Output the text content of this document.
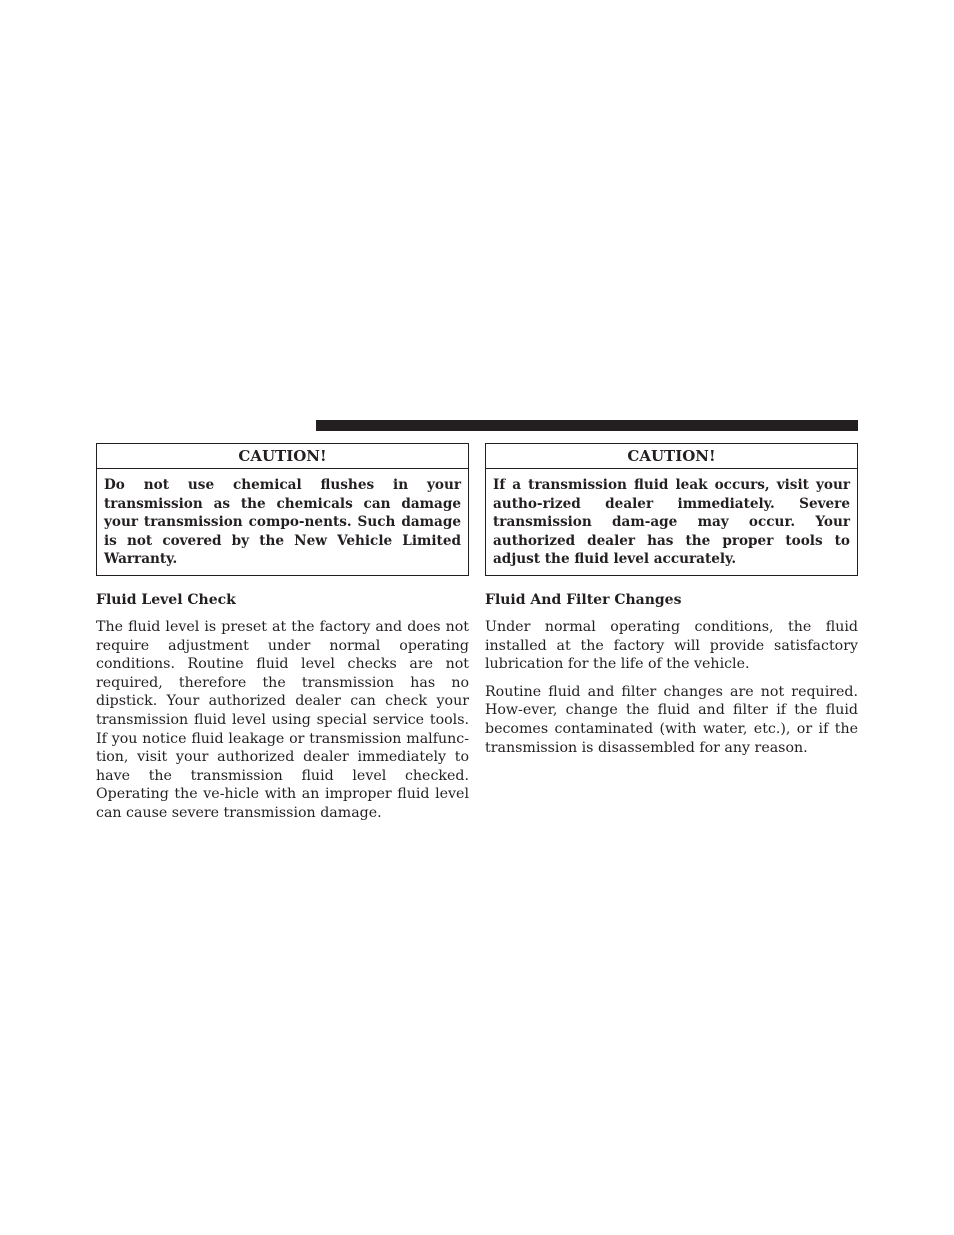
CAUTION!
Do not use chemical flushes in your transmission as the chemicals can damage your transmission compo-nents. Such damage is not covered by the New Vehicle Limited Warranty.
Fluid Level Check
The fluid level is preset at the factory and does not require adjustment under normal operating conditions. Routine fluid level checks are not required, therefore the transmission has no dipstick. Your authorized dealer can check your transmission fluid level using special service tools. If you notice fluid leakage or transmission malfunc-tion, visit your authorized dealer immediately to have the transmission fluid level checked. Operating the ve-hicle with an improper fluid level can cause severe transmission damage.
CAUTION!
If a transmission fluid leak occurs, visit your autho-rized dealer immediately. Severe transmission dam-age may occur. Your authorized dealer has the proper tools to adjust the fluid level accurately.
Fluid And Filter Changes
Under normal operating conditions, the fluid installed at the factory will provide satisfactory lubrication for the life of the vehicle.
Routine fluid and filter changes are not required. How-ever, change the fluid and filter if the fluid becomes contaminated (with water, etc.), or if the transmission is disassembled for any reason.
